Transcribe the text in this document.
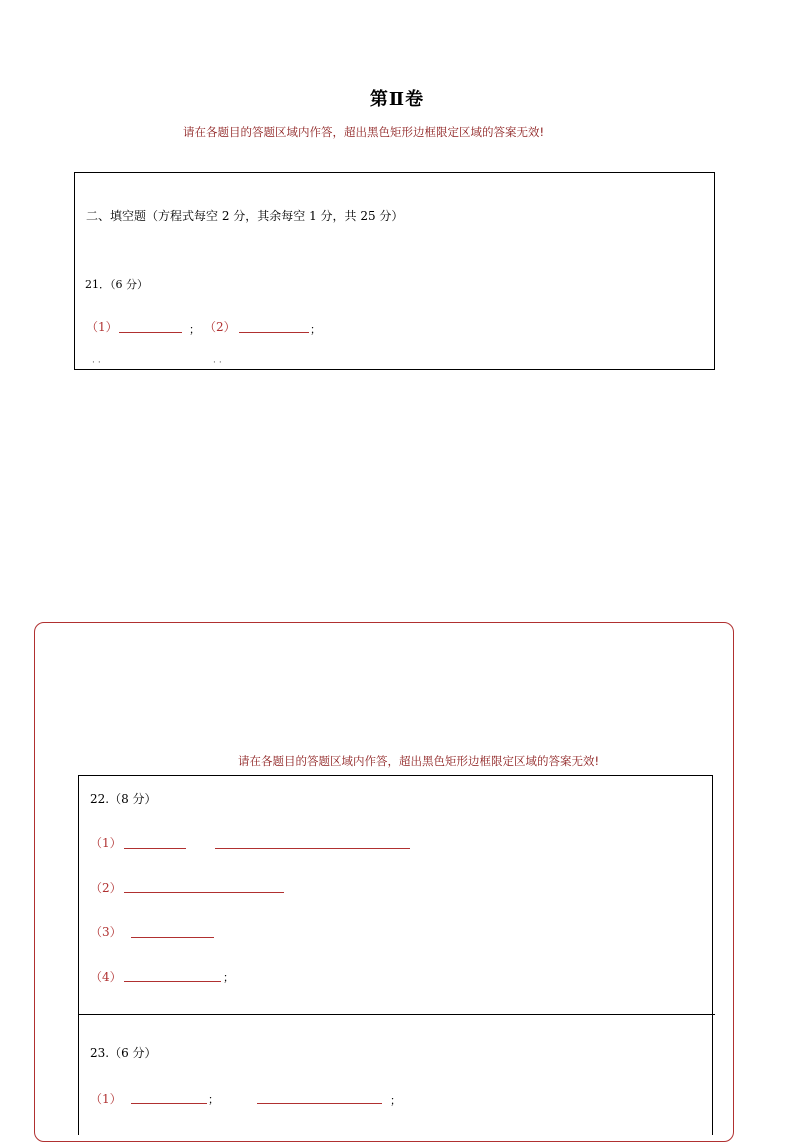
第Ⅱ卷
请在各题目的答题区域内作答，超出黑色矩形边框限定区域的答案无效!
二、填空题（方程式每空 2 分，其余每空 1 分，共 25 分）
21．（6 分）
（1）	； （2）	；
··	··
请在各题目的答题区域内作答，超出黑色矩形边框限定区域的答案无效!
22.（8 分）
（1）
（2）
（3）
（4）	；
23.（6 分）
（1）	；	；
